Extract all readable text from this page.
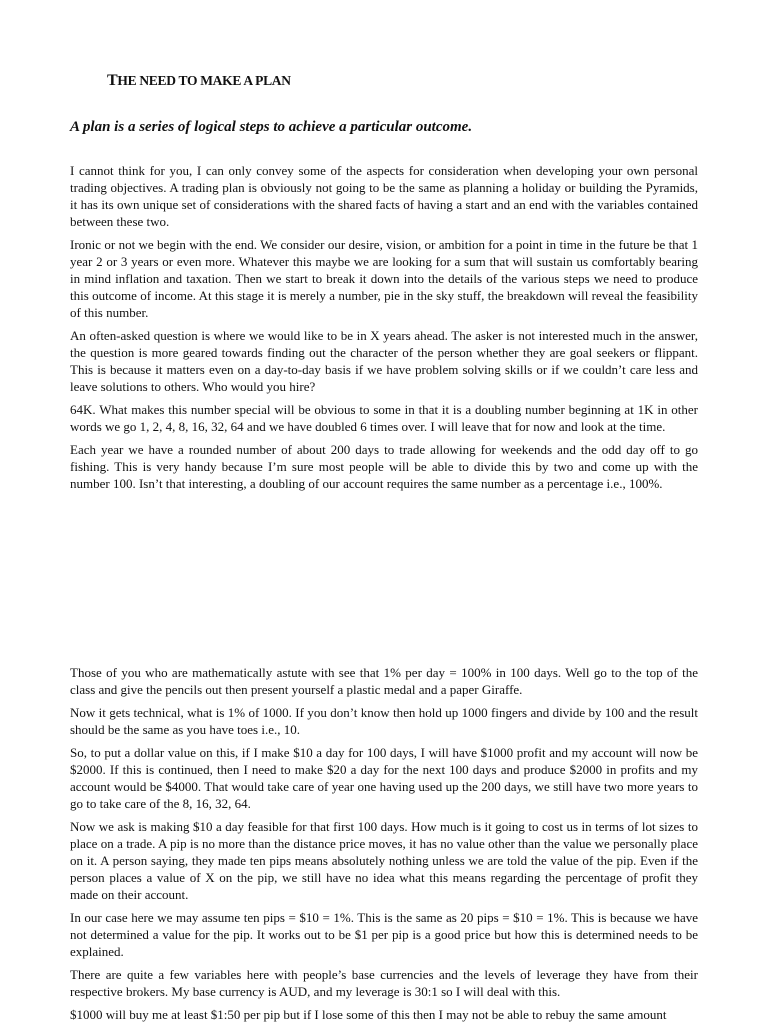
THE NEED TO MAKE A PLAN
A plan is a series of logical steps to achieve a particular outcome.

I cannot think for you, I can only convey some of the aspects for consideration when developing your own personal trading objectives. A trading plan is obviously not going to be the same as planning a holiday or building the Pyramids, it has its own unique set of considerations with the shared facts of having a start and an end with the variables contained between these two.

Ironic or not we begin with the end. We consider our desire, vision, or ambition for a point in time in the future be that 1 year 2 or 3 years or even more. Whatever this maybe we are looking for a sum that will sustain us comfortably bearing in mind inflation and taxation. Then we start to break it down into the details of the various steps we need to produce this outcome of income. At this stage it is merely a number, pie in the sky stuff, the breakdown will reveal the feasibility of this number.

An often-asked question is where we would like to be in X years ahead. The asker is not interested much in the answer, the question is more geared towards finding out the character of the person whether they are goal seekers or flippant. This is because it matters even on a day-to-day basis if we have problem solving skills or if we couldn’t care less and leave solutions to others. Who would you hire?

64K. What makes this number special will be obvious to some in that it is a doubling number beginning at 1K in other words we go 1, 2, 4, 8, 16, 32, 64 and we have doubled 6 times over. I will leave that for now and look at the time.

Each year we have a rounded number of about 200 days to trade allowing for weekends and the odd day off to go fishing. This is very handy because I’m sure most people will be able to divide this by two and come up with the number 100. Isn’t that interesting, a doubling of our account requires the same number as a percentage i.e., 100%.

Those of you who are mathematically astute with see that 1% per day = 100% in 100 days. Well go to the top of the class and give the pencils out then present yourself a plastic medal and a paper Giraffe.

Now it gets technical, what is 1% of 1000. If you don’t know then hold up 1000 fingers and divide by 100 and the result should be the same as you have toes i.e., 10.

So, to put a dollar value on this, if I make $10 a day for 100 days, I will have $1000 profit and my account will now be $2000. If this is continued, then I need to make $20 a day for the next 100 days and produce $2000 in profits and my account would be $4000. That would take care of year one having used up the 200 days, we still have two more years to go to take care of the 8, 16, 32, 64.

Now we ask is making $10 a day feasible for that first 100 days. How much is it going to cost us in terms of lot sizes to place on a trade. A pip is no more than the distance price moves, it has no value other than the value we personally place on it. A person saying, they made ten pips means absolutely nothing unless we are told the value of the pip. Even if the person places a value of X on the pip, we still have no idea what this means regarding the percentage of profit they made on their account.

In our case here we may assume ten pips = $10 = 1%. This is the same as 20 pips = $10 = 1%. This is because we have not determined a value for the pip. It works out to be $1 per pip is a good price but how this is determined needs to be explained.

There are quite a few variables here with people’s base currencies and the levels of leverage they have from their respective brokers. My base currency is AUD, and my leverage is 30:1 so I will deal with this.

$1000 will buy me at least $1:50 per pip but if I lose some of this then I may not be able to rebuy the same amount
